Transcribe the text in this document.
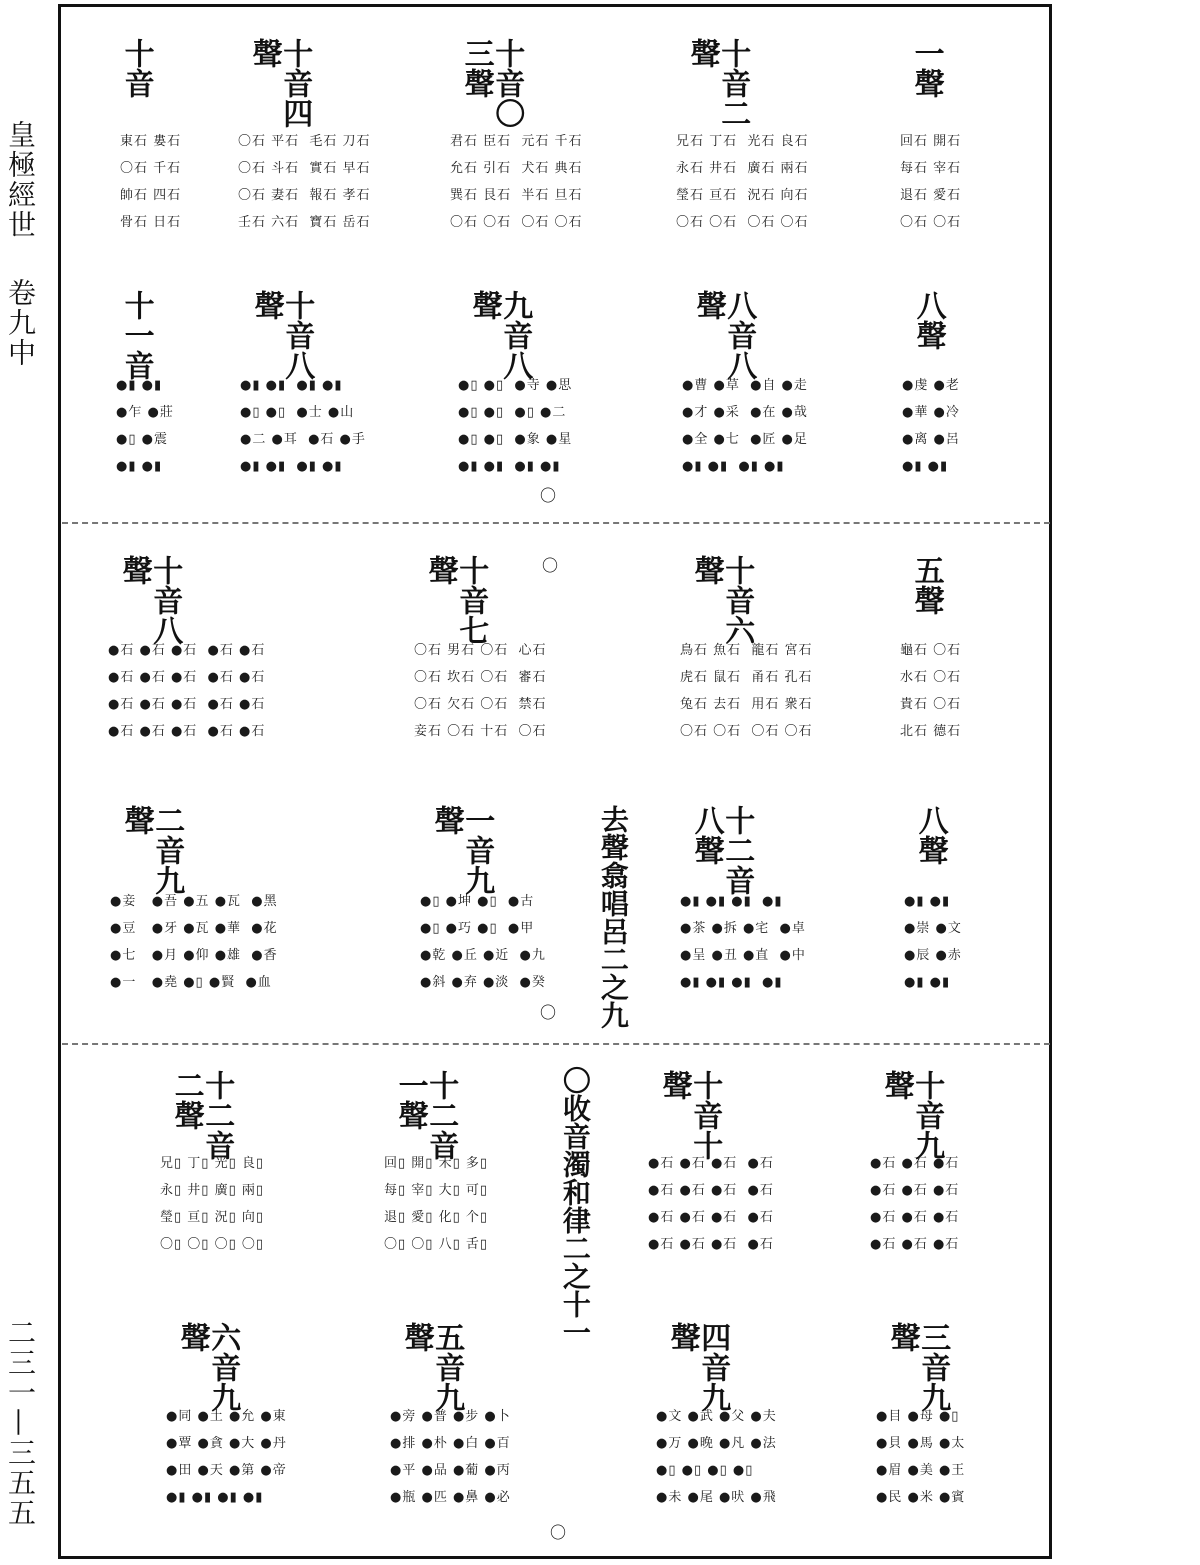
皇極經世
卷九中
二三一—三五五
十音
東石 婁石
〇石 千石
帥石 四石
骨石 日石
十音四聲
〇石 平石  毛石 刀石
〇石 斗石  實石 早石
〇石 妻石  報石 孝石
壬石 六石  寶石 岳石
十音〇三聲
君石 臣石  元石 千石
允石 引石  犬石 典石
巽石 艮石  半石 旦石
〇石 〇石  〇石 〇石
十音二聲
兄石 丁石  光石 良石
永石 井石  廣石 兩石
瑩石 亘石  況石 向石
〇石 〇石  〇石 〇石
一聲
回石 開石
每石 宰石
退石 愛石
〇石 〇石
十一音
●▮ ●▮
●乍 ●莊
●▯ ●震
●▮ ●▮
十音八聲
●▮ ●▮  ●▮ ●▮
●▯ ●▯  ●士 ●山
●二 ●耳  ●石 ●手
●▮ ●▮  ●▮ ●▮
九音八聲
●▯ ●▯  ●寺 ●思
●▯ ●▯  ●▯ ●二
●▯ ●▯  ●象 ●星
●▮ ●▮  ●▮ ●▮
八音八聲
●曹 ●草  ●自 ●走
●才 ●采  ●在 ●哉
●全 ●七  ●匠 ●足
●▮ ●▮  ●▮ ●▮
八聲
●虔 ●老
●華 ●冷
●离 ●呂
●▮ ●▮
〇
十音八聲
●石 ●石 ●石  ●石 ●石
●石 ●石 ●石  ●石 ●石
●石 ●石 ●石  ●石 ●石
●石 ●石 ●石  ●石 ●石
十音七聲
〇石 男石 〇石  心石
〇石 坎石 〇石  審石
〇石 欠石 〇石  禁石
妾石 〇石 十石  〇石
十音六聲
鳥石 魚石  龍石 宮石
虎石 鼠石  甬石 孔石
兔石 去石  用石 衆石
〇石 〇石  〇石 〇石
五聲
龜石 〇石
水石 〇石
貴石 〇石
北石 德石
〇
二音九聲
●妾   ●吾 ●五 ●瓦  ●黑
●豆   ●牙 ●瓦 ●華  ●花
●七   ●月 ●仰 ●雄  ●香
●一   ●堯 ●▯ ●賢  ●血
一音九聲
●▯ ●坤 ●▯  ●古
●▯ ●巧 ●▯  ●甲
●乾 ●丘 ●近  ●九
●斜 ●弃 ●淡  ●癸
十二音八聲
●▮ ●▮ ●▮  ●▮
●茶 ●拆 ●宅  ●卓
●呈 ●丑 ●直  ●中
●▮ ●▮ ●▮  ●▮
八聲
●▮ ●▮
●崇 ●文
●辰 ●赤
●▮ ●▮
去聲翕唱呂二之九
〇
十二音二聲
兄▯ 丁▯ 光▯ 良▯
永▯ 井▯ 廣▯ 兩▯
瑩▯ 亘▯ 況▯ 向▯
〇▯ 〇▯ 〇▯ 〇▯
十二音一聲
回▯ 開▯ 禾▯ 多▯
每▯ 宰▯ 大▯ 可▯
退▯ 愛▯ 化▯ 个▯
〇▯ 〇▯ 八▯ 舌▯
十音十聲
●石 ●石 ●石  ●石
●石 ●石 ●石  ●石
●石 ●石 ●石  ●石
●石 ●石 ●石  ●石
十音九聲
●石 ●石 ●石
●石 ●石 ●石
●石 ●石 ●石
●石 ●石 ●石
〇收音濁和律二之十一
六音九聲
●同 ●土 ●允 ●東
●覃 ●貪 ●大 ●丹
●田 ●天 ●第 ●帝
●▮ ●▮ ●▮ ●▮
五音九聲
●旁 ●普 ●步 ●卜
●排 ●朴 ●白 ●百
●平 ●品 ●葡 ●丙
●瓶 ●匹 ●鼻 ●必
四音九聲
●文 ●武 ●父 ●夫
●万 ●晚 ●凡 ●法
●▯ ●▯ ●▯ ●▯
●未 ●尾 ●吠 ●飛
三音九聲
●目 ●母 ●▯
●貝 ●馬 ●太
●眉 ●美 ●王
●民 ●米 ●賓
〇
